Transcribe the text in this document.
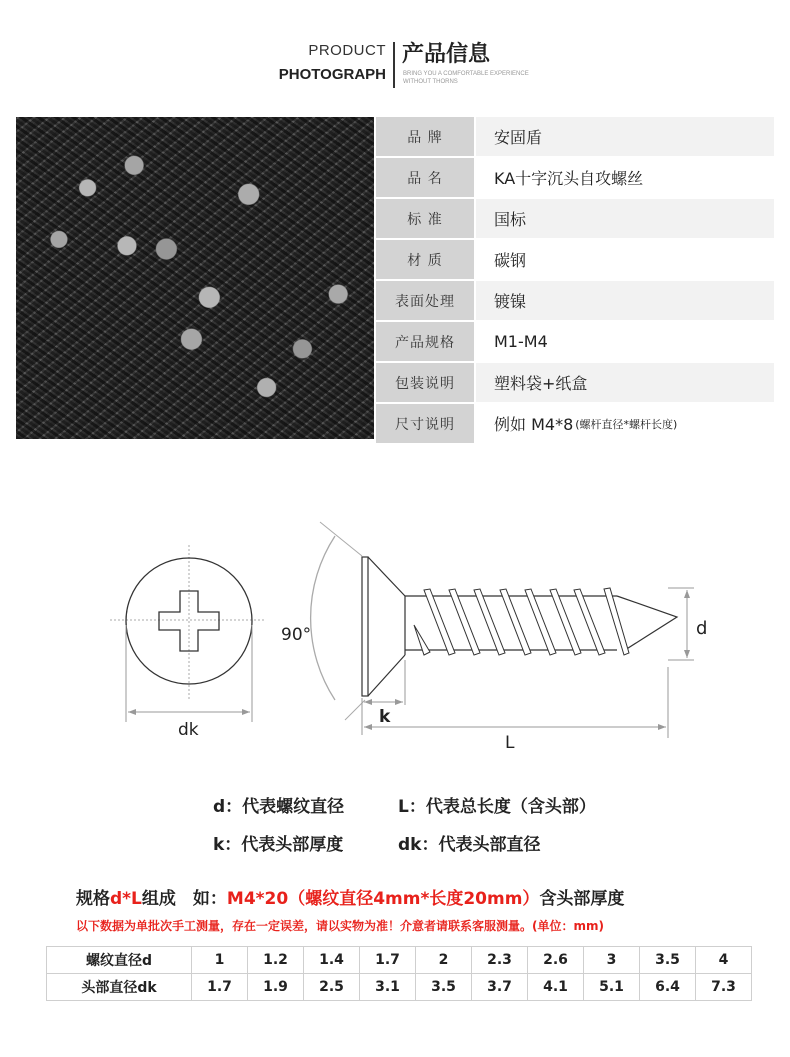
PRODUCT
PHOTOGRAPH
产品信息
BRING YOU A COMFORTABLE EXPERIENCE
WITHOUT THORNS
品 牌	安固盾
品 名	KA十字沉头自攻螺丝
标 准	国标
材 质	碳钢
表面处理	镀镍
产品规格	M1-M4
包装说明	塑料袋+纸盒
尺寸说明	例如 M4*8 (螺杆直径*螺杆长度)
90°
dk
k
L
d
d：代表螺纹直径	L：代表总长度（含头部）
k：代表头部厚度	dk：代表头部直径
规格d*L组成　如：M4*20（螺纹直径4mm*长度20mm）含头部厚度
以下数据为单批次手工测量，存在一定误差，请以实物为准！介意者请联系客服测量。(单位：mm)
螺纹直径d	1	1.2	1.4	1.7	2	2.3	2.6	3	3.5	4
头部直径dk	1.7	1.9	2.5	3.1	3.5	3.7	4.1	5.1	6.4	7.3
